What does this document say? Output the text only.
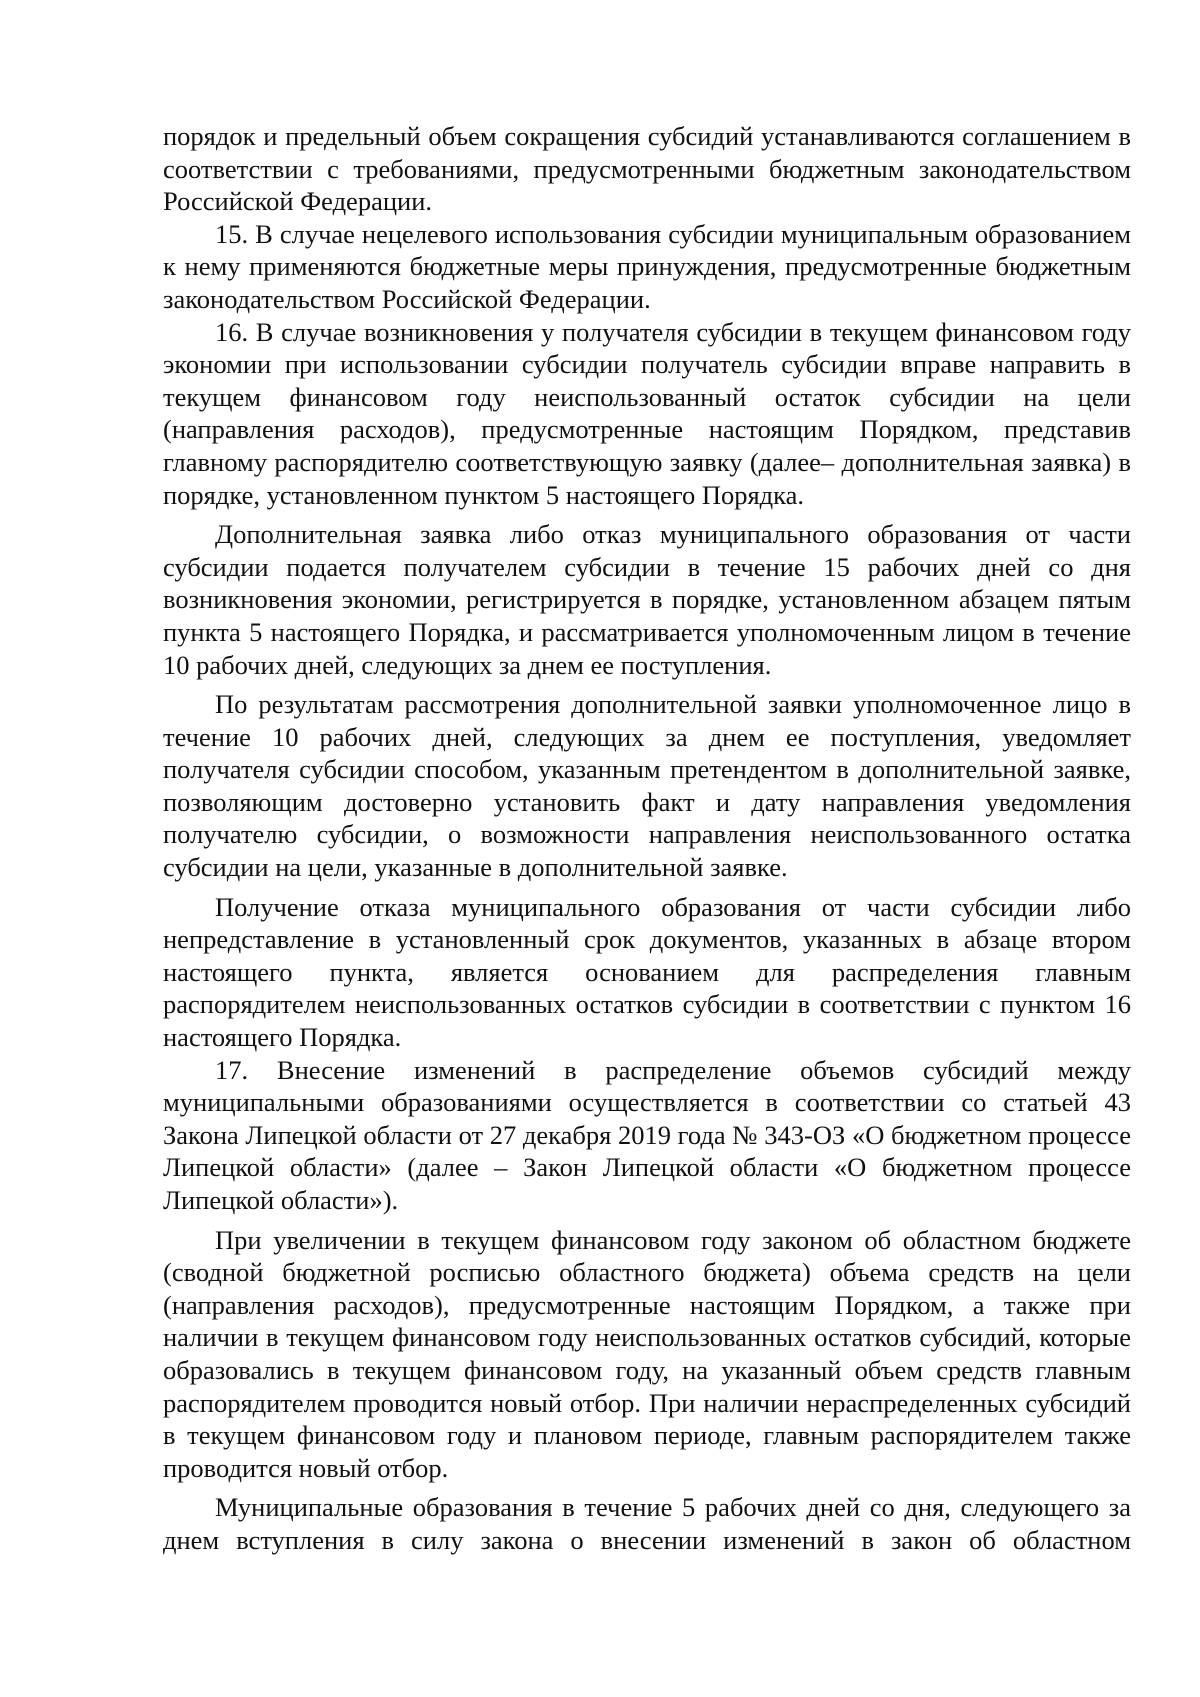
порядок и предельный объем сокращения субсидий устанавливаются соглашением в соответствии с требованиями, предусмотренными бюджетным законодательством Российской Федерации.

15. В случае нецелевого использования субсидии муниципальным образованием к нему применяются бюджетные меры принуждения, предусмотренные бюджетным законодательством Российской Федерации.

16. В случае возникновения у получателя субсидии в текущем финансовом году экономии при использовании субсидии получатель субсидии вправе направить в текущем финансовом году неиспользованный остаток субсидии на цели (направления расходов), предусмотренные настоящим Порядком, представив главному распорядителю соответствующую заявку (далее– дополнительная заявка) в порядке, установленном пунктом 5 настоящего Порядка.

Дополнительная заявка либо отказ муниципального образования от части субсидии подается получателем субсидии в течение 15 рабочих дней со дня возникновения экономии, регистрируется в порядке, установленном абзацем пятым пункта 5 настоящего Порядка, и рассматривается уполномоченным лицом в течение 10 рабочих дней, следующих за днем ее поступления.

По результатам рассмотрения дополнительной заявки уполномоченное лицо в течение 10 рабочих дней, следующих за днем ее поступления, уведомляет получателя субсидии способом, указанным претендентом в дополнительной заявке, позволяющим достоверно установить факт и дату направления уведомления получателю субсидии, о возможности направления неиспользованного остатка субсидии на цели, указанные в дополнительной заявке.

Получение отказа муниципального образования от части субсидии либо непредставление в установленный срок документов, указанных в абзаце втором настоящего пункта, является основанием для распределения главным распорядителем неиспользованных остатков субсидии в соответствии с пунктом 16 настоящего Порядка.

17. Внесение изменений в распределение объемов субсидий между муниципальными образованиями осуществляется в соответствии со статьей 43 Закона Липецкой области от 27 декабря 2019 года № 343-ОЗ «О бюджетном процессе Липецкой области» (далее – Закон Липецкой области «О бюджетном процессе Липецкой области»).

При увеличении в текущем финансовом году законом об областном бюджете (сводной бюджетной росписью областного бюджета) объема средств на цели (направления расходов), предусмотренные настоящим Порядком, а также при наличии в текущем финансовом году неиспользованных остатков субсидий, которые образовались в текущем финансовом году, на указанный объем средств главным распорядителем проводится новый отбор. При наличии нераспределенных субсидий в текущем финансовом году и плановом периоде, главным распорядителем также проводится новый отбор.

Муниципальные образования в течение 5 рабочих дней со дня, следующего за днем вступления в силу закона о внесении изменений в закон об областном
